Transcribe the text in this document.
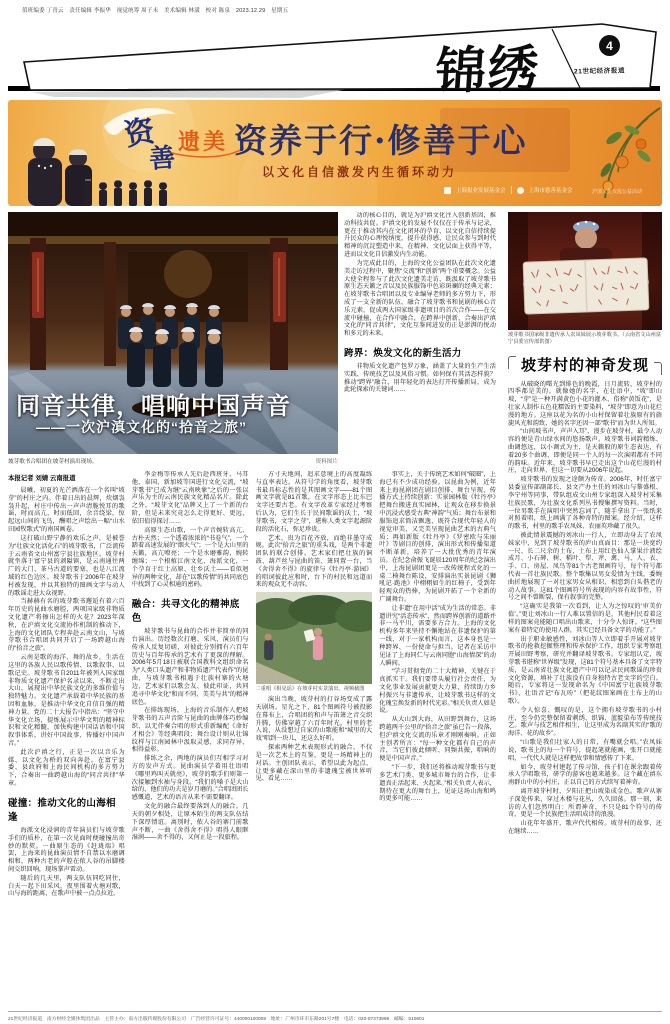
值班编委 丁青云　责任编辑 李振华　视觉统筹 周子未　美术编辑 林潢　校对 陈泉　2023.12.29　星期五
锦绣	4
21世纪经济报道
资
善
遗美 资养于行·修善于心
以文化自信激发内生循环动力
上海报业发展基金会	上海市慈善基金会	沪滇文化交流公益活动
同音共律，唱响中国声音
——一次沪滇文化的“拾音之旅”
坡芽歌书合唱团在坡芽村演出现场。	资料图片

动的核心目的，就是为沪滇文化注入创新基因，推动科技共促。沪滇文化的发展不仅仅在于传承与记录，更在于推动其内在文化闭环的孕育，以文化自信持续提升民众的心理悦纳度，提升获得感，让民众参与到时代精神的沉淀塑造中来，在精神、文化层面上获得平等，进而以文化自信激发内生动能。

为完成此目的，上海的文化公益团队在此次文化遗美走访过程中，聚焦“交流”和“创新”两个重要概念。公益大使全程参与了此次文化遗美走访，既汲取了坡芽歌书原生态天籁之音以及民族服饰中色彩斑斓的经典元素；在坡芽歌书合唱团以及专业编导老师的多方努力下，形成了一支全新的队伍，融合了坡芽歌书和昆剧的核心音乐元素，促成两大国家级非遗项目的首次合作——在交流中碰撞，在合作中融合，在跨界中创新，合奏出沪滇文化的“同音共律”，文化互鉴间迸发的正是澎湃的悦动和多元的未来。

跨界：焕发文化的新生活力

非物质文化遗产包罗万象，涵盖了大量的生产生活实践、传统技艺以及风俗习惯。如何保有其活态样貌？推动“跨界”融合、用年轻化的表达打开传播新局，成为此轮探索的关键词……

本报记者 刘婧 云南报道

晨曦，初夏的光芒洒落在一个名叫“坡芽”的村庄之内。伴着日出的晨辉，炊烟袅袅升起，村庄中传出一声声清脆悦耳的歌谣，时而高亢、时而低回，余音绕梁，惊起远山间的飞鸟，酬唱之声绘出一幅“山水田园牧歌式”的南国画卷。

这打破山野宁静的欢乐之声，是被誉为“壮族文化活化石”的坡芽歌书，广泛流传于云南省文山州富宁县壮族地区。坡芽村就坐落于富宁县的剥隘镇，是云南通往两广的大门、茶马古道的要塞，也是八江流域的红色边区。坡芽歌书于2006年在坡芽村被发现，并以其独特的图画文字与动人的歌谣走进大众视野。

当赫赫有名的坡芽歌书邂逅有着六百年历史的昆曲水磨腔，两项国家级非物质文化遗产将擦出怎样的火花？2023年深秋，在沪滇文化交流协作机制的推动下，上海的文化团队专程奔赴云南文山，与坡芽歌书合唱团共同开启了一场跨越山海的“拾音之旅”。

云南是歌的海洋、舞的故乡，生活在这里的各族人民以歌传情、以歌叙事、以歌记史。坡芽歌书自2011年被列入国家级非物质文化遗产保护名录以来，不断走出大山，展现出中华民族文化的多维价值与独特魅力。文化遗产承载着中华民族的基因和血脉，是推动中华文化自信自强的精神力量。党的二十大报告中指出：“坚守中华文化立场，提炼展示中华文明的精神标识和文化精髓，加快构建中国话语和中国叙事体系，讲好中国故事、传播好中国声音。”

此次沪滇之行，正是一次以音乐为媒、以文化为桥的双向奔赴。在富宁县委、县政府和上海民间机构的多方努力下，合奏出一曲跨越山海的“同音共律”华章。

碰撞：推动文化的山海相逢

海派文化浸润的青年演员们与坡芽歌手们的质朴，在第一次见面时便碰撞出奇妙的默契。一曲原生态的《赶珑端》唱罢，上海来的昆曲演员情不自禁以水磨调相和，两种古老的声腔在侬人谷的吊脚楼间交织回响，现场掌声雷动。

随后的几天里，两支队伍同吃同住，白天一起下田采风，夜里围着火塘对歌，山与海的距离，在歌声中被一点点拉近。

李金梅等传承人先后赴西班牙、马耳他、泰国、新加坡等国进行文化交流，“坡芽歌书”已成为继“云南映象”之后的一张以声乐为主的云南民族文化精品名片。除此之外，“坡芽文化”品牌又上了一个新的台阶，但是未来究竟怎么走得更好、更远，依旧值得探讨……

高原生态山歌，一个声音婉转高亢、古朴天然；一个透着浓浓的“书卷气”，一个踏着高速发展的“烟火气”；一个是大山里的天籁，高亢嘹亮；一个是水磨雅韵，婉转缠绵；一个根植江南文化、海派文化，一个孕育于红土高原、壮乡沃土——看似迥异的两种文化，却在“以歌传情”的共同底色中找到了心灵相通的密码。

融合：共寻文化的精神底色

坡芽歌书与昆曲的合作并非简单的同台演出。历经数次打磨、采风，演员们与传承人反复切磋，对彼此分别拥有六百年历史与百年传承的艺术有了更深的理解。2006年5月18日被联合国教科文组织命名为“人类口头遗产和非物质遗产代表作”的昆曲，与坡芽歌书相遇于壮族村寨的火塘边，艺术家们以歌会友、彼此印证，共同追寻中华文化“和而不同、美美与共”的精神底色。

在排练现场，上海的音乐制作人把坡芽歌书的五声音阶与昆曲的曲牌体巧妙编织，以无伴奏合唱的形式重新编配《命好才相会》等经典唱段；舞台设计则从壮锦纹样与江南园林中汲取灵感，求同存异、相得益彰。

排练之余，两地的演员们互相学习对方的发声方式。昆曲演员学着用壮语唱《哪里鸡叫天就亮》，坡芽的歌手们则第一次接触到水袖与身段。“我们的嗓子是大山给的，他们的功夫是岁月磨的。”合唱团团长感慨道，艺术的语言从来不需要翻译。

文化的融合最终要落到人的融合。几天的朝夕相处，让原本陌生的两支队伍结下深厚情谊。离别时，侬人谷的寨门前歌声不断，一曲《舍得舍不得》唱得人眼眶湿润——舍不得的，又何止是一段旅程。

方寸天地间，追求意境上的高度凝练与直率表达。从符号学的角度看，坡芽歌书最具标志性的是其图画文字——81个图画文字就是81首歌，在文字形态上比东巴文字还要古老。有文字改革专家经过考察后认为，它们生长于民间歌谣的沃土，“坡芽歌书，文字之芽”，堪称人类文字起源阶段的活化石，弥足珍贵。

艺术，贵为百花齐放，而绝非墨守成规。此次“拾音之旅”的重头戏，是两个非遗团队的联合创排。艺术家们把壮族的铜鼓、葫芦丝与昆曲的笛、箫同置一台，当《舍得舍不得》的旋律与《牡丹亭·游园》的唱词彼此应和时，台下的村民和远道而来的观众无不动容。

二重唱《相见谣》在坡芽村实景演出。视频截图

演出当晚，坡芽村的打谷场变成了露天剧场。星光之下，81个图画符号被投影在幕布上，合唱团的和声与笛箫之音交织升腾，仿佛穿越了六百年时光。村里的老人说，从没想过自家的山歌能和“城里的大戏”唱到一块儿，还这么好听。

探索两种艺术表现形式的融合，不仅是一次艺术上的互鉴，更是一场精神上的对话。主创团队表示，希望以此为起点，让更多藏在深山里的非遗瑰宝被世界听见、看见……

事实上，关于传统艺术如何“破圈”，上海已有不少成功经验。以昆曲为例，近年来上海昆剧团在剧目创排、舞台呈现、传播方式上持续创新：实景园林版《牡丹亭》把舞台搬进真实园林，让观众在移步换景中沉浸式感受古典“神韵”气质；舞台布景和服饰追求简洁飘逸，既符合现代年轻人的视觉审美，又完美呈现昆曲艺术的古典气质；再如新版《牡丹亭》《罗密欧与朱丽叶》等剧目的创排，演出形式和传播渠道不断革新，培养了一大批优秀的青年演员。在纪念俞振飞诞辰120周年的纪念演出中，上海昆剧团更是一改传统程式化的一桌二椅舞台陈设，安排演出实景昆剧《狮吼记·跪池》中栩栩如生的红椅子，受到年轻观众的热捧，为昆剧开拓了一个全新的广阔舞台。

让非遗“在用中活”成为生活的常态。非遗讲究“活态传承”，然而跨界创新的道路并非一马平川，需要多方合力。上海的文化机构多年来坚持不懈地站在非遗保护的第一线，对于一家机构而言，这本身也是一种跨界、一份使命与担当。记者在采访中见证了上海同仁与云南同胞“山海情深”的动人瞬间。

“学习贯彻党的二十大精神，关键在于真抓实干。我们要带头履行社会责任，为文化事业发展贡献更大力量，持续助力乡村振兴与非遗传承，让坡芽歌书这样的文化瑰宝焕发新的时代光彩。”相关负责人如是说。

从大山到大海，从田野到舞台，这场跨越两千公里的“拾音之旅”虽已告一段落，但沪滇文化交流的乐章才刚刚奏响。正如主创者所言：“每一种文化都有自己的声音，当它们彼此倾听、同频共振，唱响的便是中国声音。”

“下一步，我们还将推动坡芽歌书与更多艺术门类、更多城市舞台的合作，让非遗真正活起来、火起来。”相关负责人表示，期待在更大的舞台上，见证这场山海和鸣的更多可能……

坡芽歌书国家级非遗传承人农凤妹展示坡芽歌书。（云南省文山州富宁县委宣传部供图）
坡芽村的神奇发现

从破晓的曙光到绯色的晚霞，日月流转，坡芽村的四季都是美的。就像她的名字，在壮语中，“坡”即山坡，“芽”是一种开满黄色小花的灌木，俗称“黄饭花”，是壮家人制作五色花糯饭的主要染料，“坡芽”即意为山花烂漫的地方。这座以花为名的小山村保留着壮族原有的旖旎风光和韵致，她的名字还因一部“歌书”而为世人所知。

“山间坡书声，声声入耳”，漫步在坡芽村，最令人动容的便是青山绿水间的悠扬歌声。坡芽歌书词韵精炼、曲调悠远，以小调式为主，是天籁般的原生态表达，有着20多个曲调，即便是同一个人的每一次演唱都有不同的韵味。近年来，坡芽歌书早已走出这个山花烂漫的村庄，走向世界，但这一切要从2006年说起。

坡芽歌书的发现之途颇为传奇。2006年，时任富宁县委宣传部副部长、县文产办主任的刘冰山与黎盛根、李宁州等同事，带队组成文山州专家组深入坡芽村采集壮族民歌，为壮族文化系列丛书搜集撰写资料。当时，一位男歌手在演唱中突然忘词了，随手拿出了一张纸来对照着唱，纸上画满了各种奇特的图案。经介绍，这样的歌书，村里的歌手农凤妹、农丽英珍藏了很久。

被此情景震撼的刘冰山一行人，立即动身去了农凤妹家中，见到了坡芽歌书的庐山真面目：那是一块宽约一尺、长二尺余的土布，土布上用红色仙人掌果汁液绘成月、小石碑、树、稻叶、犁、斧、禽、马、人、衣、手、口、房屋、凤鸟等81个古老图画符号，每个符号都代表一首壮族民歌。整个歌集以男女爱情为主线，委婉曲折地展现了一对壮家男女从相识、相恋到白头偕老的动人故事。这81个图画符号所表现的内容有故事性，符号之间不曾断裂，保有叙事的完整。

“这确实是我第一次看到，让人为之惊叹的‘审美价值’。”更让刘冰山一行人难以置信的是，其他村民看着这样的图案竟能随口唱出山歌来，十分令人惊讶。“这些图案有着特定的使用人群，其实已经具备文字的功能了。”

出于职业敏感性，刘冰山等人立即着手开展对坡芽歌书的抢救挖掘整理和传承保护工作，组织专家考察组开展田野考察，研究并翻译坡芽歌书。专家组认定，坡芽歌书堪称“世界级”发现，这81个符号基本具备了文字特质，是云南省壮族文化遗产中可以记录民间歌谣的珍贵文化资源，填补了壮族没有自身独特古老文字的空白。随后，专家将这一发现命名为《中国富宁壮族坡芽歌书》，壮语音记“布瓦吩”（把花纹图案画在土布上的山歌）。

令人惊喜、慨叹的是，这个拥有坡芽歌书的小村庄，至今仍完整保留着刺绣、织锦、蓝靛染布等传统技艺。歌声与技艺相伴相生，让这里成为名副其实的“歌的海洋、花的故乡”。

“山歌是我们壮家人的日常，有嘴就会唱。”农凤妹说，歌书上的每一个符号，提起笔就能画，张开口就能唱，一代代人就是这样把故事和情感传了下来。

如今，坡芽村建起了传习馆，孩子们在课余跟着传承人学唱歌书，研学的游客也越来越多。这个藏在滇东南群山中的小村庄，正以自己的方式续写着神奇。

离开坡芽村时，夕阳正把山坡染成金色。歌声从寨子深处传来，穿过木楼与花丛，久久回荡。那一刻，来访的人们忽然明白：所谓神奇，不只是81个符号的传奇，更是一个民族把生活唱成诗的浪漫。

山花年年盛开，歌声代代相传。坡芽村的故事，还在继续……

21世纪经济报道　南方财经全媒体集团出品　主管主办：南方出版传媒股份有限公司　广告经营许可证号：440000100008　地址：广州市环市东路201号7楼　电话：020-87373998　邮编：510601
